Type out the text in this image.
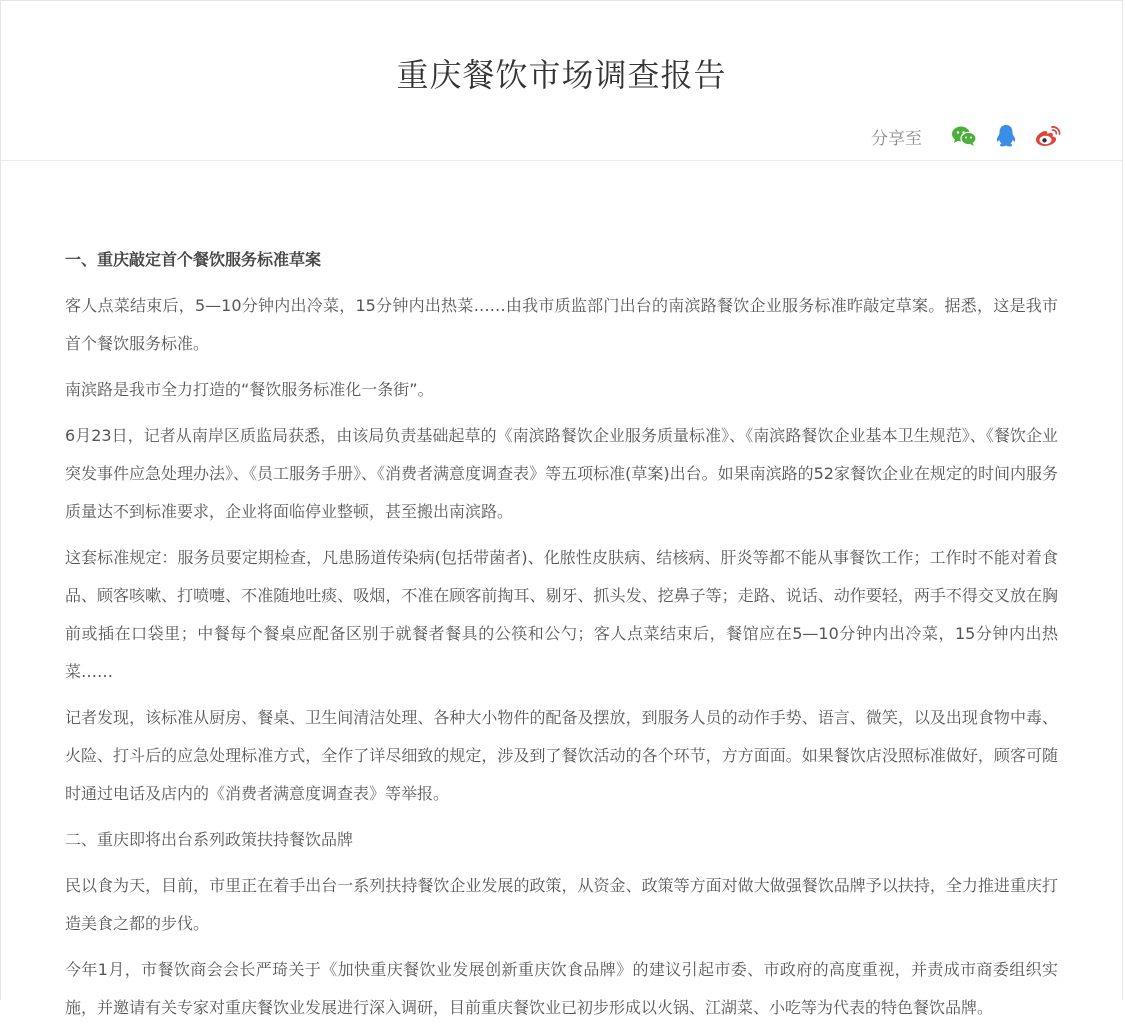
重庆餐饮市场调查报告
分享至

一、重庆敲定首个餐饮服务标准草案

客人点菜结束后，5—10分钟内出冷菜，15分钟内出热菜……由我市质监部门出台的南滨路餐饮企业服务标准昨敲定草案。据悉，这是我市首个餐饮服务标准。

南滨路是我市全力打造的“餐饮服务标准化一条街”。

6月23日，记者从南岸区质监局获悉，由该局负责基础起草的《南滨路餐饮企业服务质量标准》、《南滨路餐饮企业基本卫生规范》、《餐饮企业突发事件应急处理办法》、《员工服务手册》、《消费者满意度调查表》等五项标准(草案)出台。如果南滨路的52家餐饮企业在规定的时间内服务质量达不到标准要求，企业将面临停业整顿，甚至搬出南滨路。

这套标准规定：服务员要定期检查，凡患肠道传染病(包括带菌者)、化脓性皮肤病、结核病、肝炎等都不能从事餐饮工作；工作时不能对着食品、顾客咳嗽、打喷嚏、不准随地吐痰、吸烟，不准在顾客前掏耳、剔牙、抓头发、挖鼻子等；走路、说话、动作要轻，两手不得交叉放在胸前或插在口袋里；中餐每个餐桌应配备区别于就餐者餐具的公筷和公勺；客人点菜结束后，餐馆应在5—10分钟内出冷菜，15分钟内出热菜……

记者发现，该标准从厨房、餐桌、卫生间清洁处理、各种大小物件的配备及摆放，到服务人员的动作手势、语言、微笑，以及出现食物中毒、火险、打斗后的应急处理标准方式，全作了详尽细致的规定，涉及到了餐饮活动的各个环节，方方面面。如果餐饮店没照标准做好，顾客可随时通过电话及店内的《消费者满意度调查表》等举报。

二、重庆即将出台系列政策扶持餐饮品牌

民以食为天，目前，市里正在着手出台一系列扶持餐饮企业发展的政策，从资金、政策等方面对做大做强餐饮品牌予以扶持，全力推进重庆打造美食之都的步伐。

今年1月，市餐饮商会会长严琦关于《加快重庆餐饮业发展创新重庆饮食品牌》的建议引起市委、市政府的高度重视，并责成市商委组织实施，并邀请有关专家对重庆餐饮业发展进行深入调研，目前重庆餐饮业已初步形成以火锅、江湖菜、小吃等为代表的特色餐饮品牌。
